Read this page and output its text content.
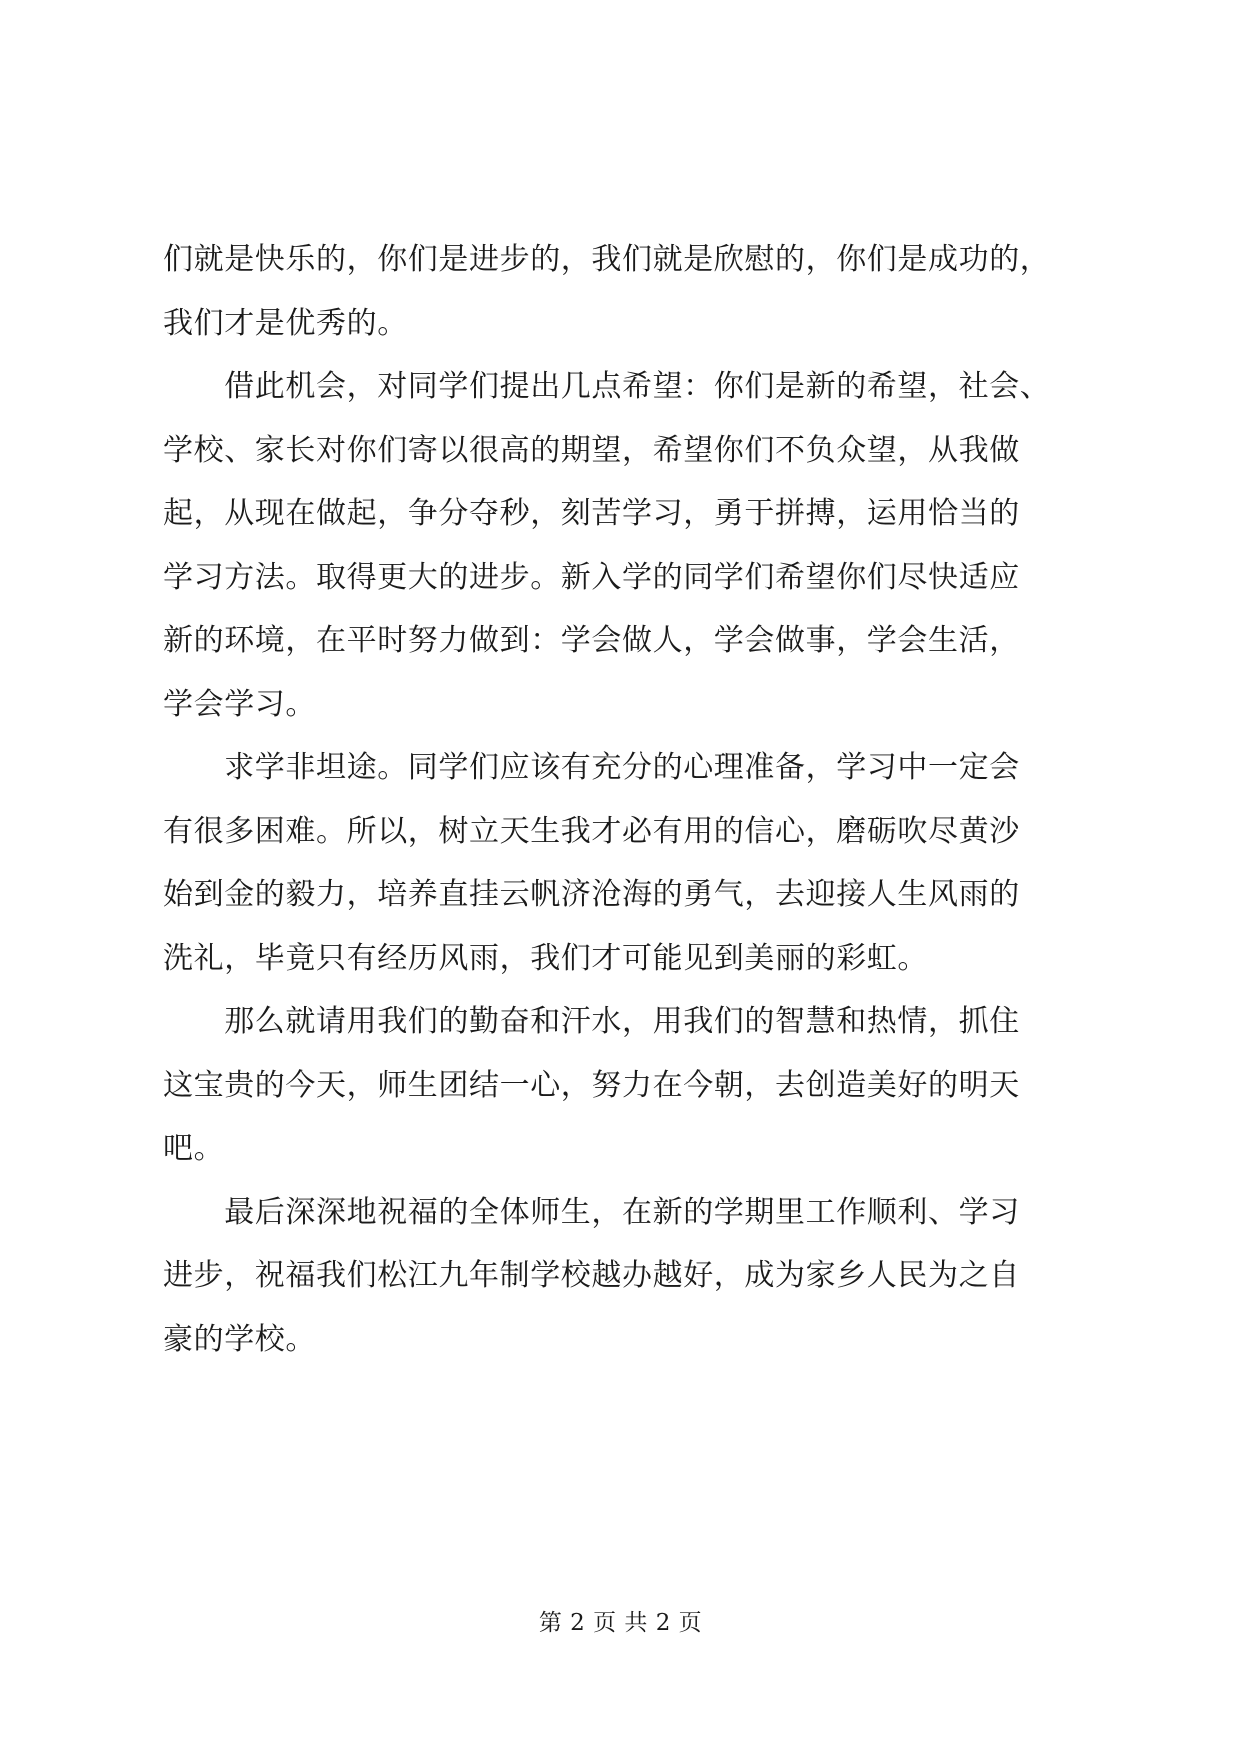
们就是快乐的，你们是进步的，我们就是欣慰的，你们是成功的，
我们才是优秀的。
　　借此机会，对同学们提出几点希望：你们是新的希望，社会、
学校、家长对你们寄以很高的期望，希望你们不负众望，从我做
起，从现在做起，争分夺秒，刻苦学习，勇于拼搏，运用恰当的
学习方法。取得更大的进步。新入学的同学们希望你们尽快适应
新的环境，在平时努力做到：学会做人，学会做事，学会生活，
学会学习。
　　求学非坦途。同学们应该有充分的心理准备，学习中一定会
有很多困难。所以，树立天生我才必有用的信心，磨砺吹尽黄沙
始到金的毅力，培养直挂云帆济沧海的勇气，去迎接人生风雨的
洗礼，毕竟只有经历风雨，我们才可能见到美丽的彩虹。
　　那么就请用我们的勤奋和汗水，用我们的智慧和热情，抓住
这宝贵的今天，师生团结一心，努力在今朝，去创造美好的明天
吧。
　　最后深深地祝福的全体师生，在新的学期里工作顺利、学习
进步，祝福我们松江九年制学校越办越好，成为家乡人民为之自
豪的学校。
第 2 页 共 2 页
